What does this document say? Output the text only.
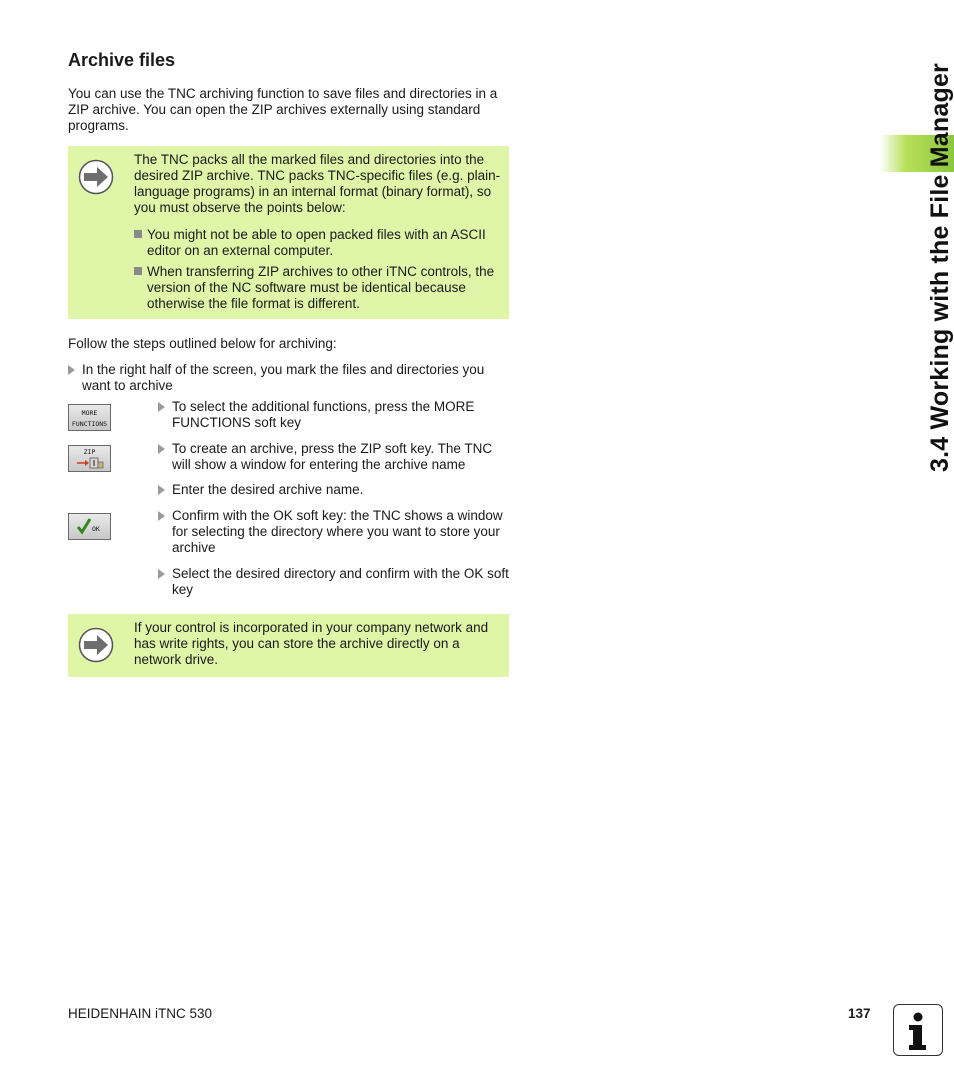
3.4 Working with the File Manager
Archive files
You can use the TNC archiving function to save files and directories in a ZIP archive. You can open the ZIP archives externally using standard programs.
The TNC packs all the marked files and directories into the desired ZIP archive. TNC packs TNC-specific files (e.g. plain-language programs) in an internal format (binary format), so you must observe the points below:
You might not be able to open packed files with an ASCII editor on an external computer.
When transferring ZIP archives to other iTNC controls, the version of the NC software must be identical because otherwise the file format is different.
Follow the steps outlined below for archiving:
In the right half of the screen, you mark the files and directories you want to archive
MORE
FUNCTIONS
To select the additional functions, press the MORE FUNCTIONS soft key
ZIP	To create an archive, press the ZIP soft key. The TNC will show a window for entering the archive name
Enter the desired archive name.
OK
Confirm with the OK soft key: the TNC shows a window for selecting the directory where you want to store your archive
Select the desired directory and confirm with the OK soft key
If your control is incorporated in your company network and has write rights, you can store the archive directly on a network drive.
HEIDENHAIN iTNC 530	137
